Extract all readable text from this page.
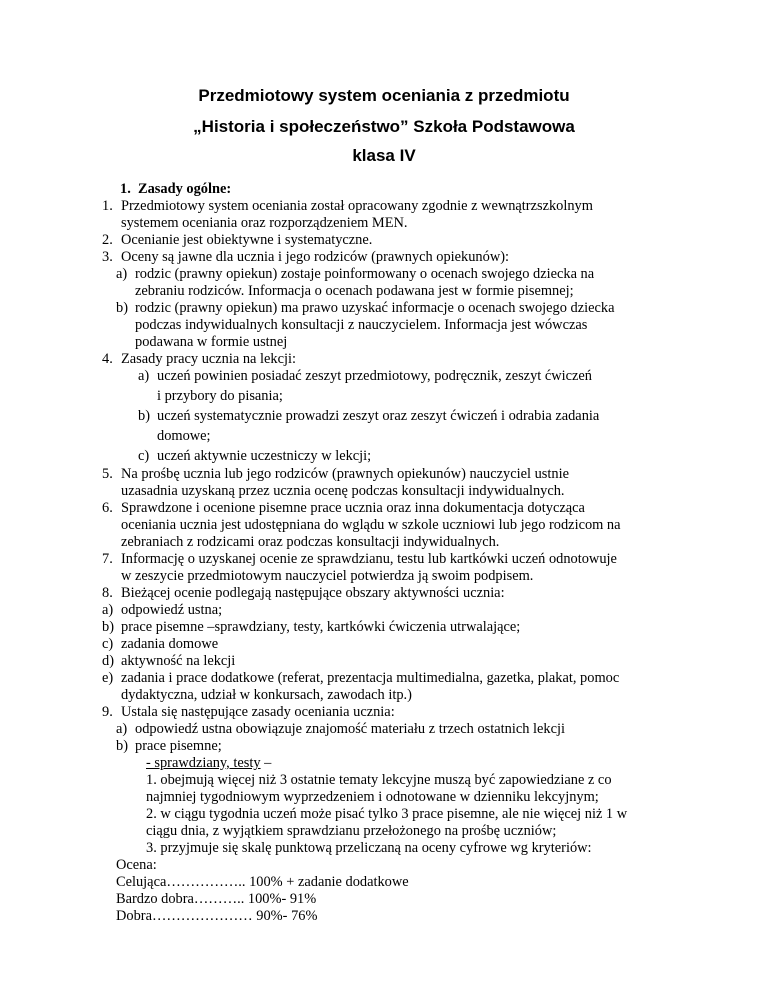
Przedmiotowy system oceniania z przedmiotu
„Historia i społeczeństwo” Szkoła Podstawowa
klasa IV
1. Zasady ogólne:
1. Przedmiotowy system oceniania został opracowany zgodnie z wewnątrzszkolnym
systemem oceniania oraz rozporządzeniem MEN.
2. Ocenianie jest obiektywne i systematyczne.
3. Oceny są jawne dla ucznia i jego rodziców (prawnych opiekunów):
a) rodzic (prawny opiekun) zostaje poinformowany o ocenach swojego dziecka na
zebraniu rodziców. Informacja o ocenach podawana jest w formie pisemnej;
b) rodzic (prawny opiekun) ma prawo uzyskać informacje o ocenach swojego dziecka
podczas indywidualnych konsultacji z nauczycielem. Informacja jest wówczas
podawana w formie ustnej
4. Zasady pracy ucznia na lekcji:
a) uczeń powinien posiadać zeszyt przedmiotowy, podręcznik, zeszyt ćwiczeń
i przybory do pisania;
b) uczeń systematycznie prowadzi zeszyt oraz zeszyt ćwiczeń i odrabia zadania
domowe;
c) uczeń aktywnie uczestniczy w lekcji;
5. Na prośbę ucznia lub jego rodziców (prawnych opiekunów) nauczyciel ustnie
uzasadnia uzyskaną przez ucznia ocenę podczas konsultacji indywidualnych.
6. Sprawdzone i ocenione pisemne prace ucznia oraz inna dokumentacja dotycząca
oceniania ucznia jest udostępniana do wglądu w szkole uczniowi lub jego rodzicom na
zebraniach z rodzicami oraz podczas konsultacji indywidualnych.
7. Informację o uzyskanej ocenie ze sprawdzianu, testu lub kartkówki uczeń odnotowuje
w zeszycie przedmiotowym nauczyciel potwierdza ją swoim podpisem.
8. Bieżącej ocenie podlegają następujące obszary aktywności ucznia:
a) odpowiedź ustna;
b) prace pisemne –sprawdziany, testy, kartkówki ćwiczenia utrwalające;
c) zadania domowe
d) aktywność na lekcji
e) zadania i prace dodatkowe (referat, prezentacja multimedialna, gazetka, plakat, pomoc
dydaktyczna, udział w konkursach, zawodach itp.)
9. Ustala się następujące zasady oceniania ucznia:
a) odpowiedź ustna obowiązuje znajomość materiału z trzech ostatnich lekcji
b) prace pisemne;
- sprawdziany, testy –
1. obejmują więcej niż 3 ostatnie tematy lekcyjne muszą być zapowiedziane z co
najmniej tygodniowym wyprzedzeniem i odnotowane w dzienniku lekcyjnym;
2. w ciągu tygodnia uczeń może pisać tylko 3 prace pisemne, ale nie więcej niż 1 w
ciągu dnia, z wyjątkiem sprawdzianu przełożonego na prośbę uczniów;
3. przyjmuje się skalę punktową przeliczaną na oceny cyfrowe wg kryteriów:
Ocena:
Celująca…………….. 100% + zadanie dodatkowe
Bardzo dobra……….. 100%- 91%
Dobra………………… 90%- 76%
